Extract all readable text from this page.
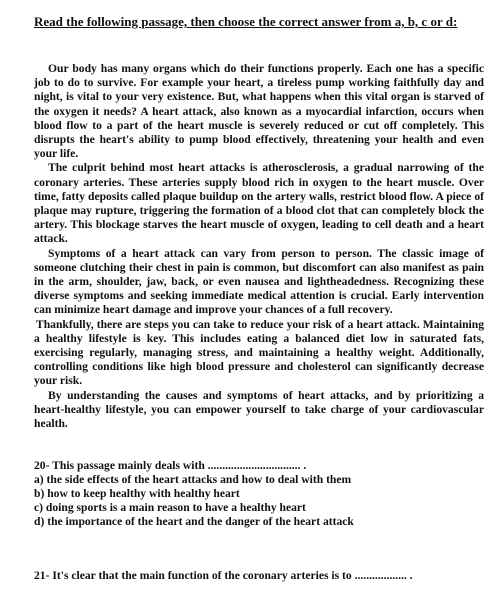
Read the following passage, then choose the correct answer from a, b, c or d:

Our body has many organs which do their functions properly. Each one has a specific job to do to survive. For example your heart, a tireless pump working faithfully day and night, is vital to your very existence. But, what happens when this vital organ is starved of the oxygen it needs? A heart attack, also known as a myocardial infarction, occurs when blood flow to a part of the heart muscle is severely reduced or cut off completely. This disrupts the heart's ability to pump blood effectively, threatening your health and even your life.

The culprit behind most heart attacks is atherosclerosis, a gradual narrowing of the coronary arteries. These arteries supply blood rich in oxygen to the heart muscle. Over time, fatty deposits called plaque buildup on the artery walls, restrict blood flow. A piece of plaque may rupture, triggering the formation of a blood clot that can completely block the artery. This blockage starves the heart muscle of oxygen, leading to cell death and a heart attack.

Symptoms of a heart attack can vary from person to person. The classic image of someone clutching their chest in pain is common, but discomfort can also manifest as pain in the arm, shoulder, jaw, back, or even nausea and lightheadedness. Recognizing these diverse symptoms and seeking immediate medical attention is crucial. Early intervention can minimize heart damage and improve your chances of a full recovery.

Thankfully, there are steps you can take to reduce your risk of a heart attack. Maintaining a healthy lifestyle is key. This includes eating a balanced diet low in saturated fats, exercising regularly, managing stress, and maintaining a healthy weight. Additionally, controlling conditions like high blood pressure and cholesterol can significantly decrease your risk.

By understanding the causes and symptoms of heart attacks, and by prioritizing a heart-healthy lifestyle, you can empower yourself to take charge of your cardiovascular health.

20- This passage mainly deals with ................................ .
a) the side effects of the heart attacks and how to deal with them
b) how to keep healthy with healthy heart
c) doing sports is a main reason to have a healthy heart
d) the importance of the heart and the danger of the heart attack
21- It's clear that the main function of the coronary arteries is to .................. .
